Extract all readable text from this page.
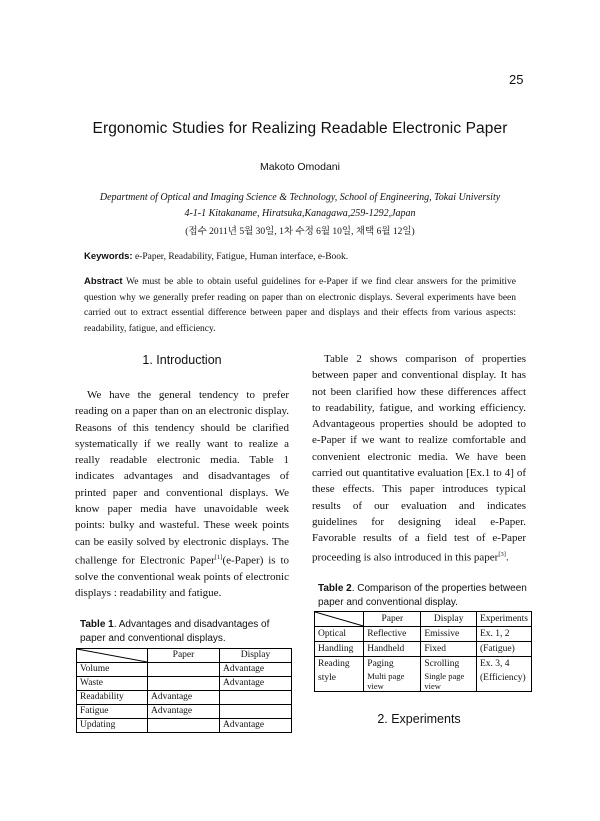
25
Ergonomic Studies for Realizing Readable Electronic Paper
Makoto Omodani
Department of Optical and Imaging Science & Technology, School of Engineering, Tokai University
4-1-1 Kitakaname, Hiratsuka,Kanagawa,259-1292,Japan
(접수 2011년 5월 30일, 1차 수정 6월 10일, 채택 6월 12일)
Keywords: e-Paper, Readability, Fatigue, Human interface, e-Book.
Abstract We must be able to obtain useful guidelines for e-Paper if we find clear answers for the primitive question why we generally prefer reading on paper than on electronic displays. Several experiments have been carried out to extract essential difference between paper and displays and their effects from various aspects: readability, fatigue, and efficiency.
1. Introduction
We have the general tendency to prefer reading on a paper than on an electronic display. Reasons of this tendency should be clarified systematically if we really want to realize a really readable electronic media. Table 1 indicates advantages and disadvantages of printed paper and conventional displays. We know paper media have unavoidable week points: bulky and wasteful. These week points can be easily solved by electronic displays. The challenge for Electronic Paper[1](e-Paper) is to solve the conventional weak points of electronic displays : readability and fatigue.
Table 2 shows comparison of properties between paper and conventional display. It has not been clarified how these differences affect to readability, fatigue, and working efficiency. Advantageous properties should be adopted to e-Paper if we want to realize comfortable and convenient electronic media. We have been carried out quantitative evaluation [Ex.1 to 4] of these effects. This paper introduces typical results of our evaluation and indicates guidelines for designing ideal e-Paper. Favorable results of a field test of e-Paper proceeding is also introduced in this paper[3].
Table 1. Advantages and disadvantages of paper and conventional displays.
	Paper	Display
Volume		Advantage
Waste		Advantage
Readability	Advantage	
Fatigue	Advantage	
Updating		Advantage
Table 2. Comparison of the properties between paper and conventional display.
	Paper	Display	Experiments
Optical	Reflective	Emissive	Ex. 1, 2
Handling	Handheld	Fixed	(Fatigue)
Reading	Paging	Scrolling	Ex. 3, 4
style	Multi page view	Single page view	(Efficiency)
2. Experiments
